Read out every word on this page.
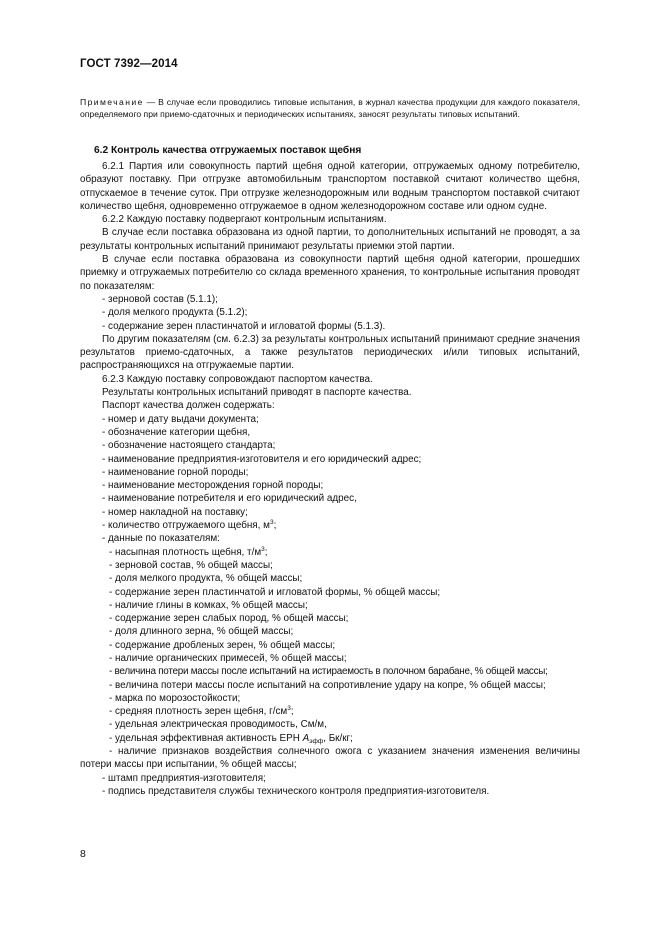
ГОСТ 7392—2014
Примечание — В случае если проводились типовые испытания, в журнал качества продукции для каждого показателя, определяемого при приемо-сдаточных и периодических испытаниях, заносят результаты типовых испытаний.
6.2 Контроль качества отгружаемых поставок щебня

6.2.1 Партия или совокупность партий щебня одной категории, отгружаемых одному потребителю, образуют поставку. При отгрузке автомобильным транспортом поставкой считают количество щебня, отпускаемое в течение суток. При отгрузке железнодорожным или водным транспортом поставкой считают количество щебня, одновременно отгружаемое в одном железнодорожном составе или одном судне.

6.2.2 Каждую поставку подвергают контрольным испытаниям.

В случае если поставка образована из одной партии, то дополнительных испытаний не проводят, а за результаты контрольных испытаний принимают результаты приемки этой партии.

В случае если поставка образована из совокупности партий щебня одной категории, прошедших приемку и отгружаемых потребителю со склада временного хранения, то контрольные испытания проводят по показателям:

- зерновой состав (5.1.1);

- доля мелкого продукта (5.1.2);

- содержание зерен пластинчатой и игловатой формы (5.1.3).

По другим показателям (см. 6.2.3) за результаты контрольных испытаний принимают средние значения результатов приемо-сдаточных, а также результатов периодических и/или типовых испытаний, распространяющихся на отгружаемые партии.

6.2.3 Каждую поставку сопровождают паспортом качества.

Результаты контрольных испытаний приводят в паспорте качества.

Паспорт качества должен содержать:

- номер и дату выдачи документа;

- обозначение категории щебня,

- обозначение настоящего стандарта;

- наименование предприятия-изготовителя и его юридический адрес;

- наименование горной породы;

- наименование месторождения горной породы;

- наименование потребителя и его юридический адрес,

- номер накладной на поставку;

- количество отгружаемого щебня, $м^3$;

- данные по показателям:

- насыпная плотность щебня, $т/м^3$;

- зерновой состав, % общей массы;

- доля мелкого продукта, % общей массы;

- содержание зерен пластинчатой и игловатой формы, % общей массы;

- наличие глины в комках, % общей массы;

- содержание зерен слабых пород, % общей массы;

- доля длинного зерна, % общей массы;

- содержание дробленых зерен, % общей массы;

- наличие органических примесей, % общей массы;

- величина потери массы после испытаний на истираемость в полочном барабане, % общей массы;

- величина потери массы после испытаний на сопротивление удару на копре, % общей массы;

- марка по морозостойкости;

- средняя плотность зерен щебня, $г/см^3$;

- удельная электрическая проводимость, См/м,

- удельная эффективная активность ЕРН $A_{эфф}$, Бк/кг;

- наличие признаков воздействия солнечного ожога с указанием значения изменения величины потери массы при испытании, % общей массы;

- штамп предприятия-изготовителя;

- подпись представителя службы технического контроля предприятия-изготовителя.

8
